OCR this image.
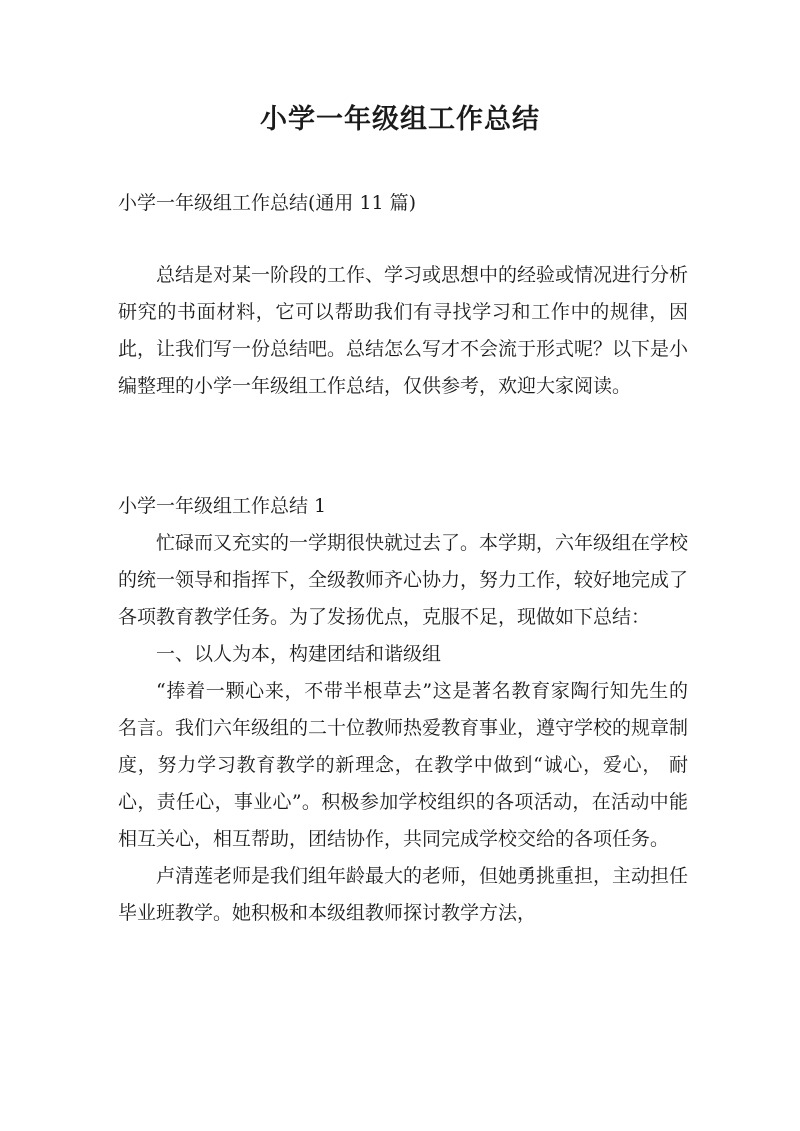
小学一年级组工作总结
小学一年级组工作总结(通用 11 篇)

总结是对某一阶段的工作、学习或思想中的经验或情况进行分析研究的书面材料，它可以帮助我们有寻找学习和工作中的规律，因此，让我们写一份总结吧。总结怎么写才不会流于形式呢？以下是小编整理的小学一年级组工作总结，仅供参考，欢迎大家阅读。

小学一年级组工作总结 1

忙碌而又充实的一学期很快就过去了。本学期，六年级组在学校的统一领导和指挥下，全级教师齐心协力，努力工作，较好地完成了各项教育教学任务。为了发扬优点，克服不足，现做如下总结：

一、以人为本，构建团结和谐级组

“捧着一颗心来，不带半根草去”这是著名教育家陶行知先生的名言。我们六年级组的二十位教师热爱教育事业，遵守学校的规章制度，努力学习教育教学的新理念，在教学中做到“诚心，爱心， 耐心，责任心，事业心”。积极参加学校组织的各项活动，在活动中能相互关心，相互帮助，团结协作，共同完成学校交给的各项任务。

卢清莲老师是我们组年龄最大的老师，但她勇挑重担，主动担任毕业班教学。她积极和本级组教师探讨教学方法，
